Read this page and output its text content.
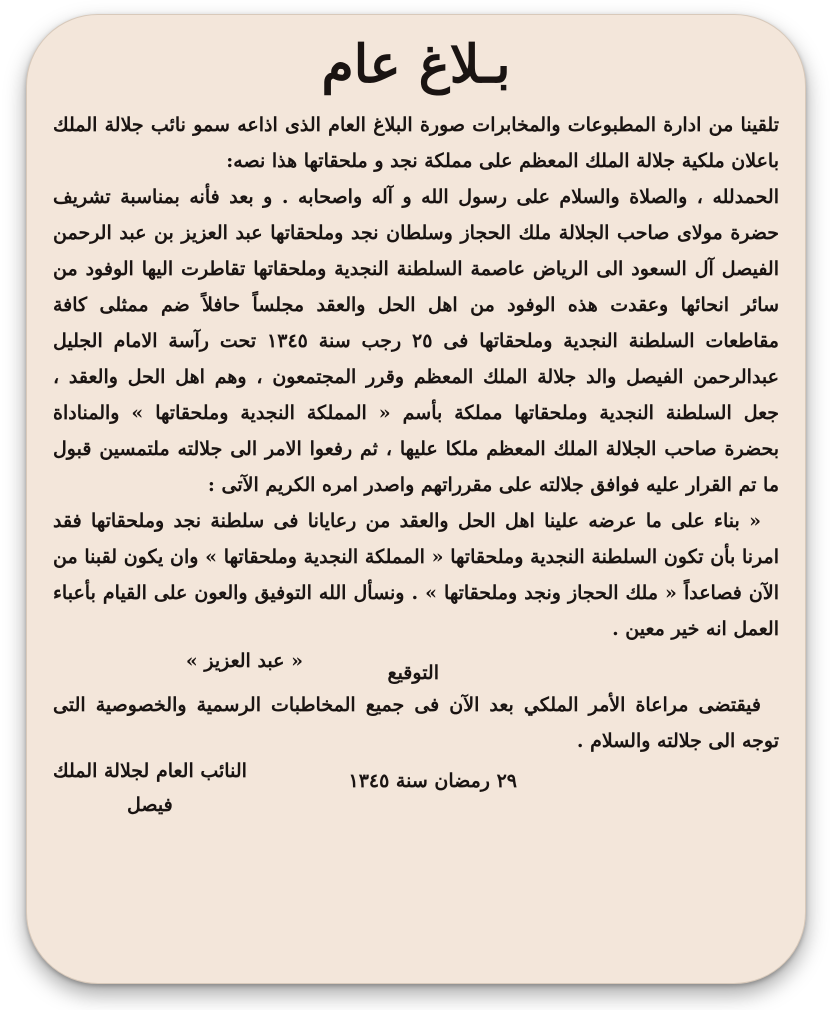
بـلاغ عام

تلقينا من ادارة المطبوعات والمخابرات صورة البلاغ العام الذى اذاعه سمو نائب جلالة الملك باعلان ملكية جلالة الملك المعظم على مملكة نجد و ملحقاتها هذا نصه:

الحمدلله ، والصلاة والسلام على رسول الله و آله واصحابه . و بعد فأنه بمناسبة تشريف حضرة مولاى صاحب الجلالة ملك الحجاز وسلطان نجد وملحقاتها عبد العزيز بن عبد الرحمن الفيصل آل السعود الى الرياض عاصمة السلطنة النجدية وملحقاتها تقاطرت اليها الوفود من سائر انحائها وعقدت هذه الوفود من اهل الحل والعقد مجلساً حافلاً ضم ممثلى كافة مقاطعات السلطنة النجدية وملحقاتها فى ٢٥ رجب سنة ١٣٤٥ تحت رآسة الامام الجليل عبدالرحمن الفيصل والد جلالة الملك المعظم وقرر المجتمعون ، وهم اهل الحل والعقد ، جعل السلطنة النجدية وملحقاتها مملكة بأسم « المملكة النجدية وملحقاتها » والمناداة بحضرة صاحب الجلالة الملك المعظم ملكا عليها ، ثم رفعوا الامر الى جلالته ملتمسين قبول ما تم القرار عليه فوافق جلالته على مقرراتهم واصدر امره الكريم الآتى :

« بناء على ما عرضه علينا اهل الحل والعقد من رعايانا فى سلطنة نجد وملحقاتها فقد امرنا بأن تكون السلطنة النجدية وملحقاتها « المملكة النجدية وملحقاتها » وان يكون لقبنا من الآن فصاعداً « ملك الحجاز ونجد وملحقاتها » . ونسأل الله التوفيق والعون على القيام بأعباء العمل انه خير معين .

التوقيع
« عبد العزيز »

فيقتضى مراعاة الأمر الملكي بعد الآن فى جميع المخاطبات الرسمية والخصوصية التى توجه الى جلالته والسلام .

٢٩ رمضان سنة ١٣٤٥
النائب العام لجلالة الملك
فيصل
